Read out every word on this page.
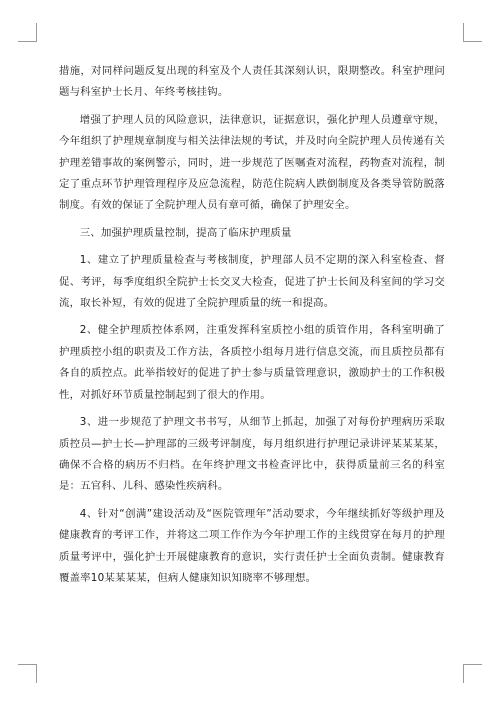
措施，对同样问题反复出现的科室及个人责任其深刻认识，限期整改。科室护理问题与科室护士长月、年终考核挂钩。

增强了护理人员的风险意识，法律意识，证据意识，强化护理人员遵章守规，今年组织了护理规章制度与相关法律法规的考试，并及时向全院护理人员传递有关护理差错事故的案例警示，同时，进一步规范了医嘱查对流程，药物查对流程，制定了重点环节护理管理程序及应急流程，防范住院病人跌倒制度及各类导管防脱落制度。有效的保证了全院护理人员有章可循，确保了护理安全。

三、加强护理质量控制，提高了临床护理质量

1、建立了护理质量检查与考核制度，护理部人员不定期的深入科室检查、督促、考评，每季度组织全院护士长交叉大检查，促进了护士长间及科室间的学习交流，取长补短，有效的促进了全院护理质量的统一和提高。

2、健全护理质控体系网，注重发挥科室质控小组的质管作用，各科室明确了护理质控小组的职责及工作方法，各质控小组每月进行信息交流，而且质控员都有各自的质控点。此举指较好的促进了护士参与质量管理意识，激励护士的工作积极性，对抓好环节质量控制起到了很大的作用。

3、进一步规范了护理文书书写，从细节上抓起，加强了对每份护理病历采取质控员—护士长—护理部的三级考评制度，每月组织进行护理记录讲评某某某某，确保不合格的病历不归档。在年终护理文书检查评比中，获得质量前三名的科室是：五官科、儿科、感染性疾病科。

4、针对“创满”建设活动及“医院管理年”活动要求，今年继续抓好等级护理及健康教育的考评工作，并将这二项工作作为今年护理工作的主线贯穿在每月的护理质量考评中，强化护士开展健康教育的意识，实行责任护士全面负责制。健康教育覆盖率10某某某某，但病人健康知识知晓率不够理想。
